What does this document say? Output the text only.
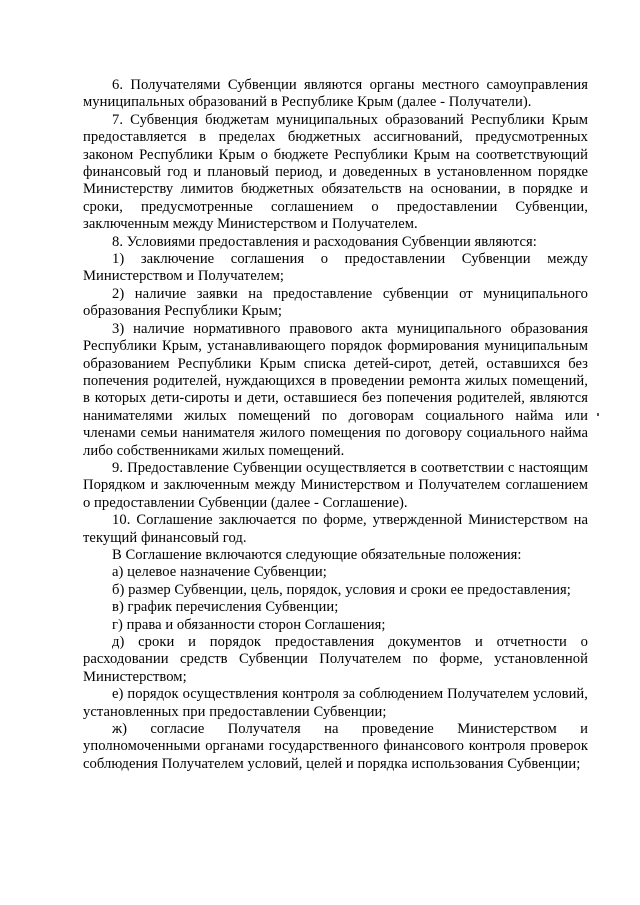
6. Получателями Субвенции являются органы местного самоуправления муниципальных образований в Республике Крым (далее - Получатели).

7. Субвенция бюджетам муниципальных образований Республики Крым предоставляется в пределах бюджетных ассигнований, предусмотренных законом Республики Крым о бюджете Республики Крым на соответствующий финансовый год и плановый период, и доведенных в установленном порядке Министерству лимитов бюджетных обязательств на основании, в порядке и сроки, предусмотренные соглашением о предоставлении Субвенции, заключенным между Министерством и Получателем.

8. Условиями предоставления и расходования Субвенции являются:

1) заключение соглашения о предоставлении Субвенции между Министерством и Получателем;

2) наличие заявки на предоставление субвенции от муниципального образования Республики Крым;

3) наличие нормативного правового акта муниципального образования Республики Крым, устанавливающего порядок формирования муниципальным образованием Республики Крым списка детей-сирот, детей, оставшихся без попечения родителей, нуждающихся в проведении ремонта жилых помещений, в которых дети-сироты и дети, оставшиеся без попечения родителей, являются нанимателями жилых помещений по договорам социального найма или членами семьи нанимателя жилого помещения по договору социального найма либо собственниками жилых помещений.

9. Предоставление Субвенции осуществляется в соответствии с настоящим Порядком и заключенным между Министерством и Получателем соглашением о предоставлении Субвенции (далее - Соглашение).

10. Соглашение заключается по форме, утвержденной Министерством на текущий финансовый год.

В Соглашение включаются следующие обязательные положения:

а) целевое назначение Субвенции;

б) размер Субвенции, цель, порядок, условия и сроки ее предоставления;

в) график перечисления Субвенции;

г) права и обязанности сторон Соглашения;

д) сроки и порядок предоставления документов и отчетности о расходовании средств Субвенции Получателем по форме, установленной Министерством;

е) порядок осуществления контроля за соблюдением Получателем условий, установленных при предоставлении Субвенции;

ж) согласие Получателя на проведение Министерством и уполномоченными органами государственного финансового контроля проверок соблюдения Получателем условий, целей и порядка использования Субвенции;
